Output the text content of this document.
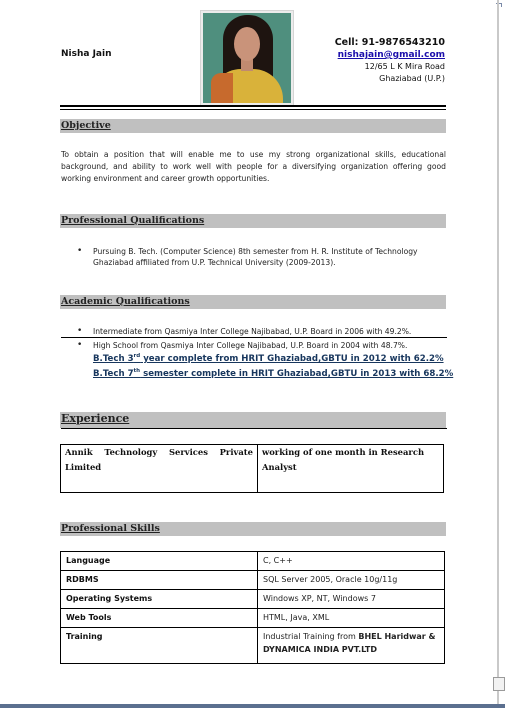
Nisha Jain
Cell: 91-9876543210
nishajain@gmail.com
12/65 L K Mira Road
Ghaziabad (U.P.)
Objective
To obtain a position that will enable me to use my strong organizational skills, educational background, and ability to work well with people for a diversifying organization offering good working environment and career growth opportunities.
Professional Qualifications
• Pursuing B. Tech. (Computer Science) 8th semester from H. R. Institute of Technology Ghaziabad affiliated from U.P. Technical University (2009-2013).
Academic Qualifications
• Intermediate from Qasmiya Inter College Najibabad, U.P. Board in 2006 with 49.2%.
• High School from Qasmiya Inter College Najibabad, U.P. Board in 2004 with 48.7%.
B.Tech 3rd year complete from HRIT Ghaziabad,GBTU in 2012 with 62.2%
B.Tech 7th semester complete in HRIT Ghaziabad,GBTU in 2013 with 68.2%
Experience
Annik Technology Services Private Limited	working of one month in Research Analyst
Professional Skills
Language	C, C++
RDBMS	SQL Server 2005, Oracle 10g/11g
Operating Systems	Windows XP, NT, Windows 7
Web Tools	HTML, Java, XML
Training	Industrial Training from BHEL Haridwar & DYNAMICA INDIA PVT.LTD
